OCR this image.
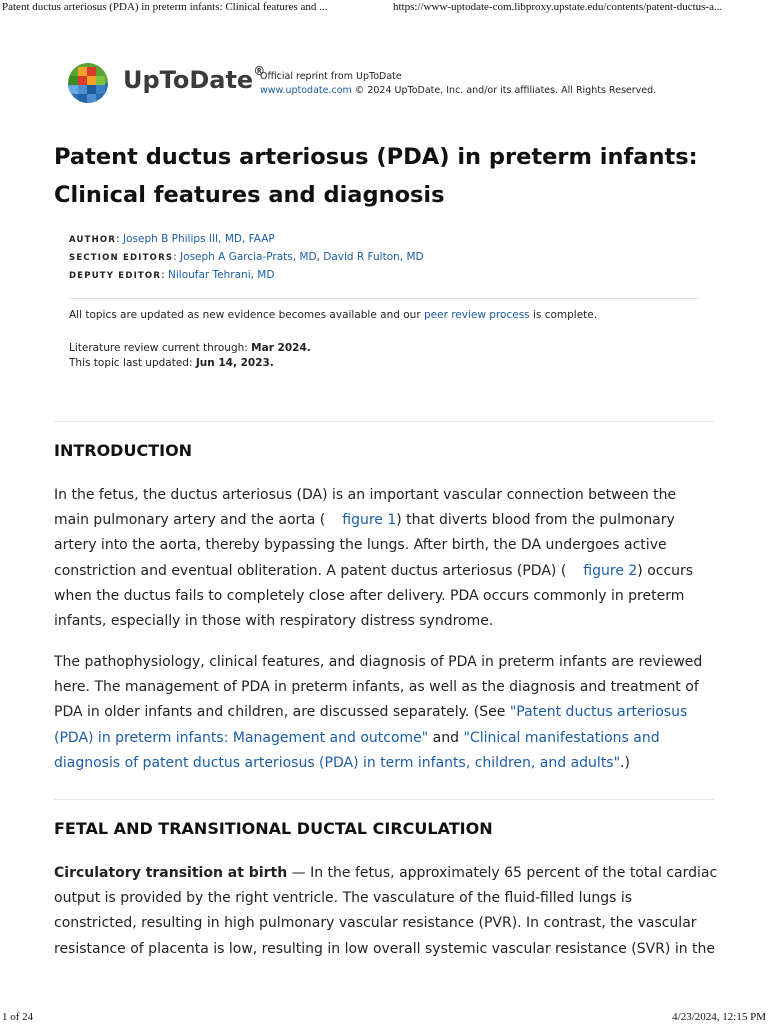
Patent ductus arteriosus (PDA) in preterm infants: Clinical features and ...	https://www-uptodate-com.libproxy.upstate.edu/contents/patent-ductus-a...
UpToDate®
Official reprint from UpToDate
www.uptodate.com © 2024 UpToDate, Inc. and/or its affiliates. All Rights Reserved.
Patent ductus arteriosus (PDA) in preterm infants:
Clinical features and diagnosis
AUTHOR: Joseph B Philips III, MD, FAAP
SECTION EDITORS: Joseph A Garcia-Prats, MD, David R Fulton, MD
DEPUTY EDITOR: Niloufar Tehrani, MD
All topics are updated as new evidence becomes available and our peer review process is complete.
Literature review current through: Mar 2024.
This topic last updated: Jun 14, 2023.
INTRODUCTION

In the fetus, the ductus arteriosus (DA) is an important vascular connection between the
main pulmonary artery and the aorta ( figure 1) that diverts blood from the pulmonary
artery into the aorta, thereby bypassing the lungs. After birth, the DA undergoes active
constriction and eventual obliteration. A patent ductus arteriosus (PDA) ( figure 2) occurs
when the ductus fails to completely close after delivery. PDA occurs commonly in preterm
infants, especially in those with respiratory distress syndrome.

The pathophysiology, clinical features, and diagnosis of PDA in preterm infants are reviewed
here. The management of PDA in preterm infants, as well as the diagnosis and treatment of
PDA in older infants and children, are discussed separately. (See "Patent ductus arteriosus
(PDA) in preterm infants: Management and outcome" and "Clinical manifestations and
diagnosis of patent ductus arteriosus (PDA) in term infants, children, and adults".)

FETAL AND TRANSITIONAL DUCTAL CIRCULATION

Circulatory transition at birth — In the fetus, approximately 65 percent of the total cardiac
output is provided by the right ventricle. The vasculature of the fluid-filled lungs is
constricted, resulting in high pulmonary vascular resistance (PVR). In contrast, the vascular
resistance of placenta is low, resulting in low overall systemic vascular resistance (SVR) in the

1 of 24	4/23/2024, 12:15 PM
